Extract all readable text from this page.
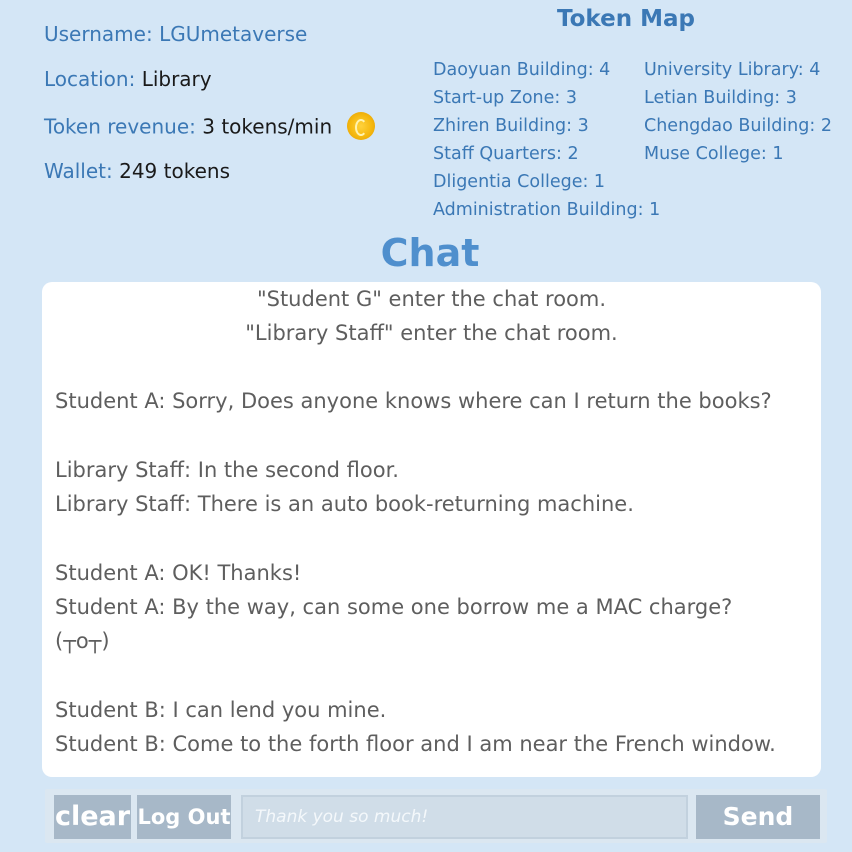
Username: LGUmetaverse
Location: Library
Token revenue: 3 tokens/min
Wallet: 249 tokens
Token Map
Daoyuan Building: 4
Start-up Zone: 3
Zhiren Building: 3
Staff Quarters: 2
Dligentia College: 1
Administration Building: 1
University Library: 4
Letian Building: 3
Chengdao Building: 2
Muse College: 1
Chat
"Student G" enter the chat room.
"Library Staff" enter the chat room.
Student A: Sorry, Does anyone knows where can I return the books?
Library Staff: In the second floor.
Library Staff: There is an auto book-returning machine.
Student A: OK! Thanks!
Student A: By the way, can some one borrow me a MAC charge?
(┬o┬)
Student B: I can lend you mine.
Student B: Come to the forth floor and I am near the French window.
clear Log Out
Thank you so much!	Send
